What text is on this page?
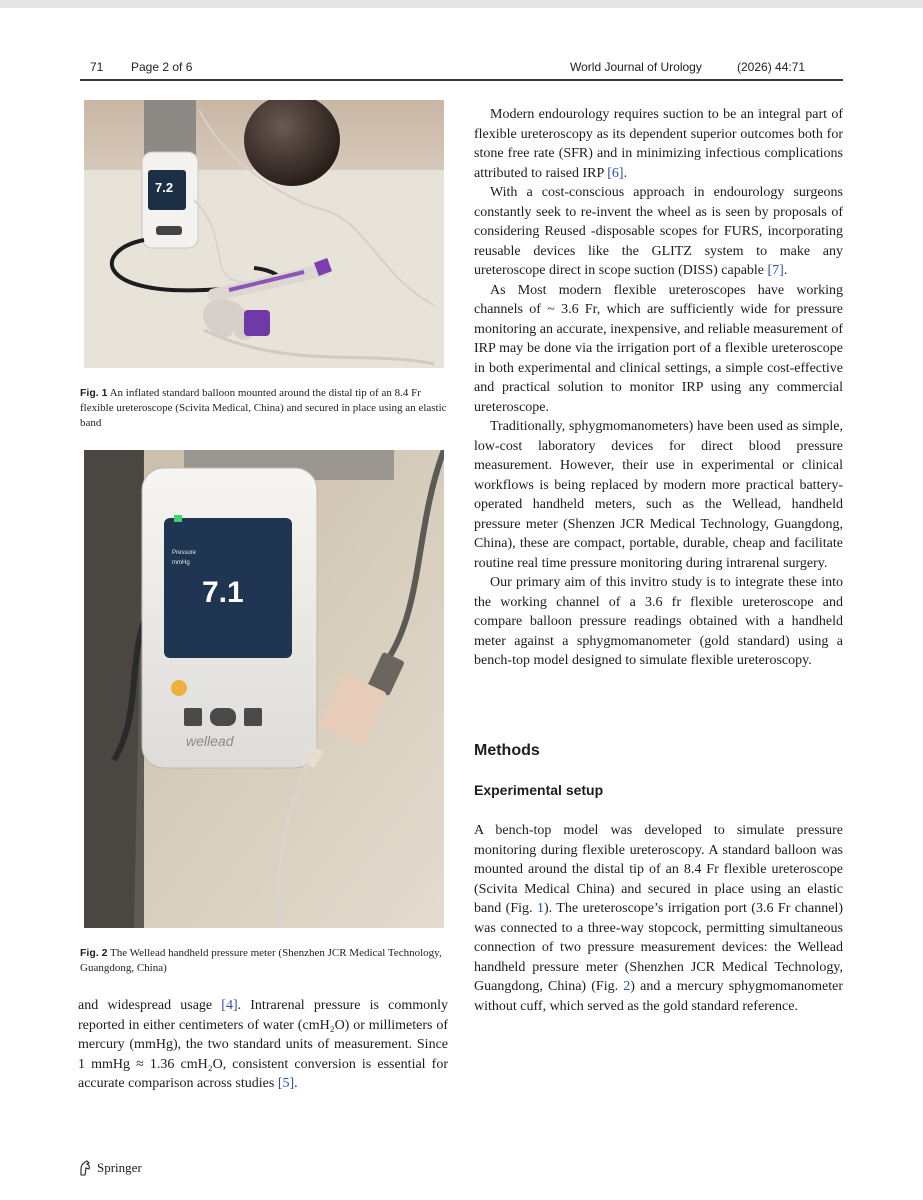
71 Page 2 of 6	World Journal of Urology	(2026) 44:71
7.2
Fig. 1 An inflated standard balloon mounted around the distal tip of an 8.4 Fr flexible ureteroscope (Scivita Medical, China) and secured in place using an elastic band
Pressure
mmHg
7.1
wellead
Fig. 2 The Wellead handheld pressure meter (Shenzhen JCR Medical Technology, Guangdong, China)

and widespread usage [4]. Intrarenal pressure is commonly reported in either centimeters of water (cmH₂O) or millimeters of mercury (mmHg), the two standard units of measurement. Since 1 mmHg ≈ 1.36 cmH₂O, consistent conversion is essential for accurate comparison across studies [5].

Modern endourology requires suction to be an integral part of flexible ureteroscopy as its dependent superior outcomes both for stone free rate (SFR) and in minimizing infectious complications attributed to raised IRP [6].

With a cost-conscious approach in endourology surgeons constantly seek to re-invent the wheel as is seen by proposals of considering Reused -disposable scopes for FURS, incorporating reusable devices like the GLITZ system to make any ureteroscope direct in scope suction (DISS) capable [7].

As Most modern flexible ureteroscopes have working channels of ~ 3.6 Fr, which are sufficiently wide for pressure monitoring an accurate, inexpensive, and reliable measurement of IRP may be done via the irrigation port of a flexible ureteroscope in both experimental and clinical settings, a simple cost-effective and practical solution to monitor IRP using any commercial ureteroscope.

Traditionally, sphygmomanometers) have been used as simple, low-cost laboratory devices for direct blood pressure measurement. However, their use in experimental or clinical workflows is being replaced by modern more practical battery-operated handheld meters, such as the Wellead, handheld pressure meter (Shenzen JCR Medical Technology, Guangdong, China), these are compact, portable, durable, cheap and facilitate routine real time pressure monitoring during intrarenal surgery.

Our primary aim of this invitro study is to integrate these into the working channel of a 3.6 fr flexible ureteroscope and compare balloon pressure readings obtained with a handheld meter against a sphygmomanometer (gold standard) using a bench-top model designed to simulate flexible ureteroscopy.

Methods
Experimental setup

A bench-top model was developed to simulate pressure monitoring during flexible ureteroscopy. A standard balloon was mounted around the distal tip of an 8.4 Fr flexible ureteroscope (Scivita Medical China) and secured in place using an elastic band (Fig. 1). The ureteroscope’s irrigation port (3.6 Fr channel) was connected to a three-way stopcock, permitting simultaneous connection of two pressure measurement devices: the Wellead handheld pressure meter (Shenzhen JCR Medical Technology, Guangdong, China) (Fig. 2) and a mercury sphygmomanometer without cuff, which served as the gold standard reference.

Springer
